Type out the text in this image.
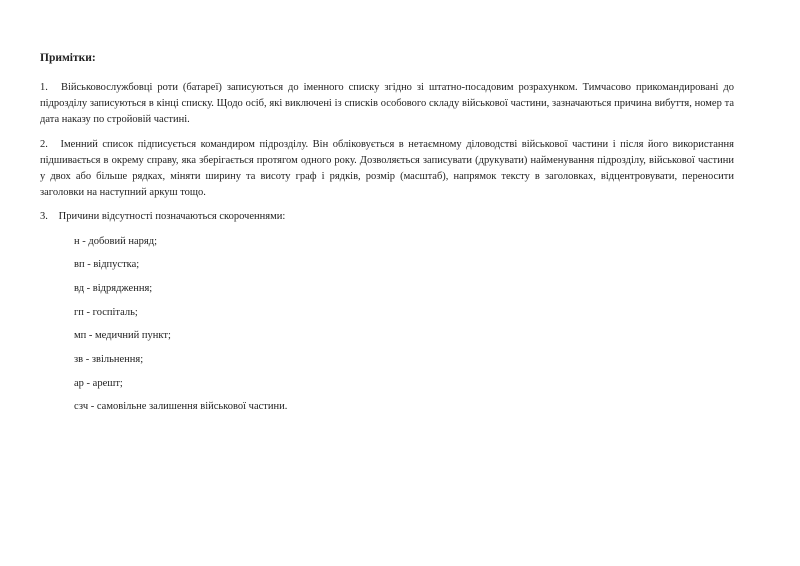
Примітки:

1. Військовослужбовці роти (батареї) записуються до іменного списку згідно зі штатно-посадовим розрахунком. Тимчасово прикомандировані до підрозділу записуються в кінці списку. Щодо осіб, які виключені із списків особового складу військової частини, зазначаються причина вибуття, номер та дата наказу по стройовій частині.

2. Іменний список підписується командиром підрозділу. Він обліковується в нетаємному діловодстві військової частини і після його використання підшивається в окрему справу, яка зберігається протягом одного року. Дозволяється записувати (друкувати) найменування підрозділу, військової частини у двох або більше рядках, міняти ширину та висоту граф і рядків, розмір (масштаб), напрямок тексту в заголовках, відцентровувати, переносити заголовки на наступний аркуш тощо.

3. Причини відсутності позначаються скороченнями:

н - добовий наряд;
вп - відпустка;
вд - відрядження;
гп - госпіталь;
мп - медичний пункт;
зв - звільнення;
ар - арешт;
сзч - самовільне залишення військової частини.
